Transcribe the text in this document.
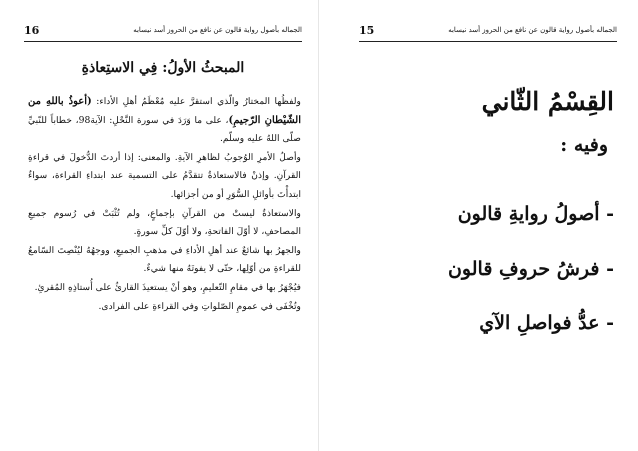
16	الجماله بأصول رواية قالون عن نافع من الحروز أسد نيسابه
المبحثُ الأولُ: فِي الاستِعاذةِ

ولفظُها المختارُ والّذي استقرَّ عليه مُعْظَمُ أهلِ الأداء: (أعوذُ باللهِ من الشّيْطانِ الرّجيمِ)، على ما وَرَدَ في سورة النَّحْلِ: الآية98، خطاباً للنّبيِّ صلّى اللهُ عليه وسلّم.

وأصلُ الأمرِ الوُجوبُ لظاهرِ الآيةِ. والمعنى: إذا أردتَ الدُّخولَ في قراءةِ القرآنِ. وإذنْ فالاستعاذةُ تتقدَّمُ على التسمية عند ابتداءِ القراءة، سواءٌ ابتدأْتَ بأوائلِ السُّوَرِ أو من أجزائها.

والاستعاذةُ ليستْ من القرآنِ بإجماعٍ، ولم تُثْبَتْ في رُسوم جميعِ المصاحفِ، لا أوّلَ الفاتحةِ، ولا أوّلَ كلِّ سورةٍ.

والجهرُ بها شائعٌ عند أهلِ الأداءِ في مذهبِ الجميعِ، ووجهُهُ ليُنْصِتَ السّامعُ للقراءةِ من أوّلِها، حتّى لا يفوتَهُ منها شيءٌ.

فيُجْهَرُ بها في مقامِ التّعليمِ، وهو أنْ يستعيذَ القارئُ على أُستاذِهِ المُقرئِ.

وتُخْفَى في عمومِ الصّلواتِ وفي القراءةِ على الفرادى.

15	الجماله بأصول رواية قالون عن نافع من الحروز أسد نيسابه
القِسْمُ الثّاني
وفيه :
- أصولُ روايةِ قالون
- فرشُ حروفِ قالون
- عدُّ فواصلِ الآي
